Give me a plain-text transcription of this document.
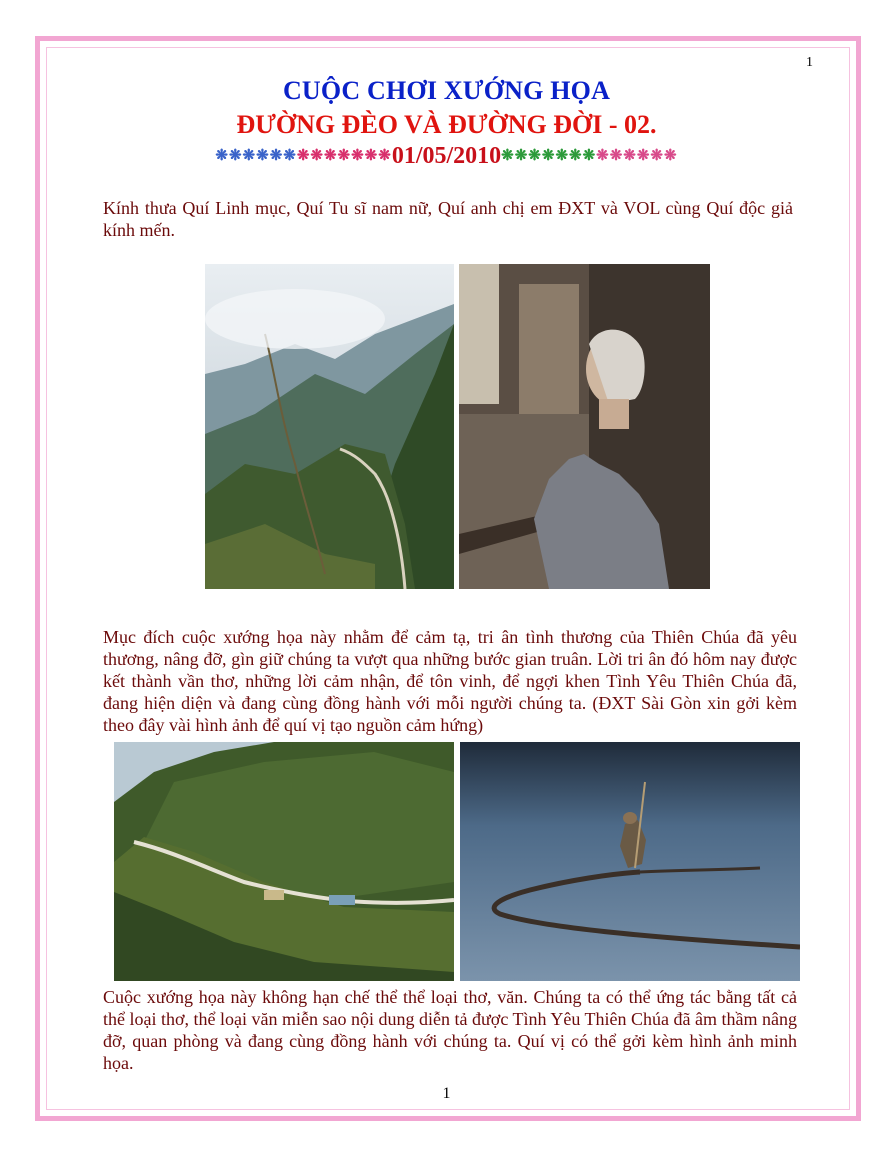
1
CUỘC CHƠI XƯỚNG HỌA
ĐƯỜNG ĐÈO VÀ ĐƯỜNG ĐỜI - 02.
❋❋❋❋❋❋❋❋❋❋❋❋❋01/05/2010❋❋❋❋❋❋❋❋❋❋❋❋❋

Kính thưa Quí Linh mục, Quí Tu sĩ nam nữ, Quí anh chị em ĐXT và VOL cùng Quí độc giả kính mến.

Mục đích cuộc xướng họa này nhằm để cảm tạ, tri ân tình thương của Thiên Chúa đã yêu thương, nâng đỡ, gìn giữ chúng ta vượt qua những bước gian truân. Lời tri ân đó hôm nay được kết thành vần thơ, những lời cảm nhận, để tôn vinh, để ngợi khen Tình Yêu Thiên Chúa đã, đang hiện diện và đang cùng đồng hành với mỗi người chúng ta. (ĐXT Sài Gòn xin gởi kèm theo đây vài hình ảnh để quí vị tạo nguồn cảm hứng)

Cuộc xướng họa này không hạn chế thể thể loại thơ, văn. Chúng ta có thể ứng tác bằng tất cả thể loại thơ, thể loại văn miễn sao nội dung diễn tả được Tình Yêu Thiên Chúa đã âm thầm nâng đỡ, quan phòng và đang cùng đồng hành với chúng ta. Quí vị có thể gởi kèm hình ảnh minh họa.

1
